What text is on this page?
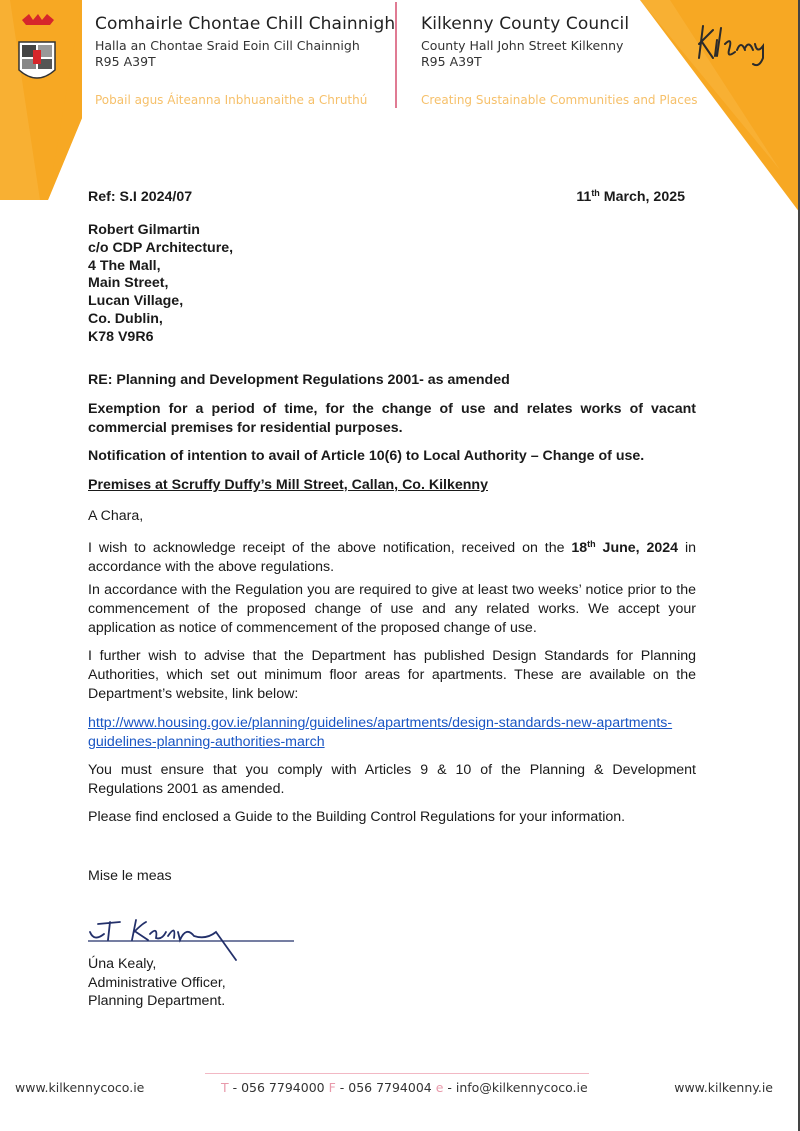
Comhairle Chontae Chill Chainnigh
Halla an Chontae Sraid Eoin Cill Chainnigh
R95 A39T
Pobail agus Áiteanna Inbhuanaithe a Chruthú
Kilkenny County Council
County Hall John Street Kilkenny
R95 A39T
Creating Sustainable Communities and Places
Ref: S.I 2024/07	11th March, 2025
Robert Gilmartin
c/o CDP Architecture,
4 The Mall,
Main Street,
Lucan Village,
Co. Dublin,
K78 V9R6
RE: Planning and Development Regulations 2001- as amended
Exemption for a period of time, for the change of use and relates works of vacant commercial premises for residential purposes.
Notification of intention to avail of Article 10(6) to Local Authority – Change of use.
Premises at Scruffy Duffy’s Mill Street, Callan, Co. Kilkenny
A Chara,
I wish to acknowledge receipt of the above notification, received on the 18th June, 2024 in accordance with the above regulations.
In accordance with the Regulation you are required to give at least two weeks’ notice prior to the commencement of the proposed change of use and any related works. We accept your application as notice of commencement of the proposed change of use.
I further wish to advise that the Department has published Design Standards for Planning Authorities, which set out minimum floor areas for apartments. These are available on the Department’s website, link below:
http://www.housing.gov.ie/planning/guidelines/apartments/design-standards-new-apartments-guidelines-planning-authorities-march
You must ensure that you comply with Articles 9 & 10 of the Planning & Development Regulations 2001 as amended.
Please find enclosed a Guide to the Building Control Regulations for your information.
Mise le meas
Úna Kealy,
Administrative Officer,
Planning Department.
www.kilkennycoco.ie	T - 056 7794000 F - 056 7794004 e - info@kilkennycoco.ie	www.kilkenny.ie
